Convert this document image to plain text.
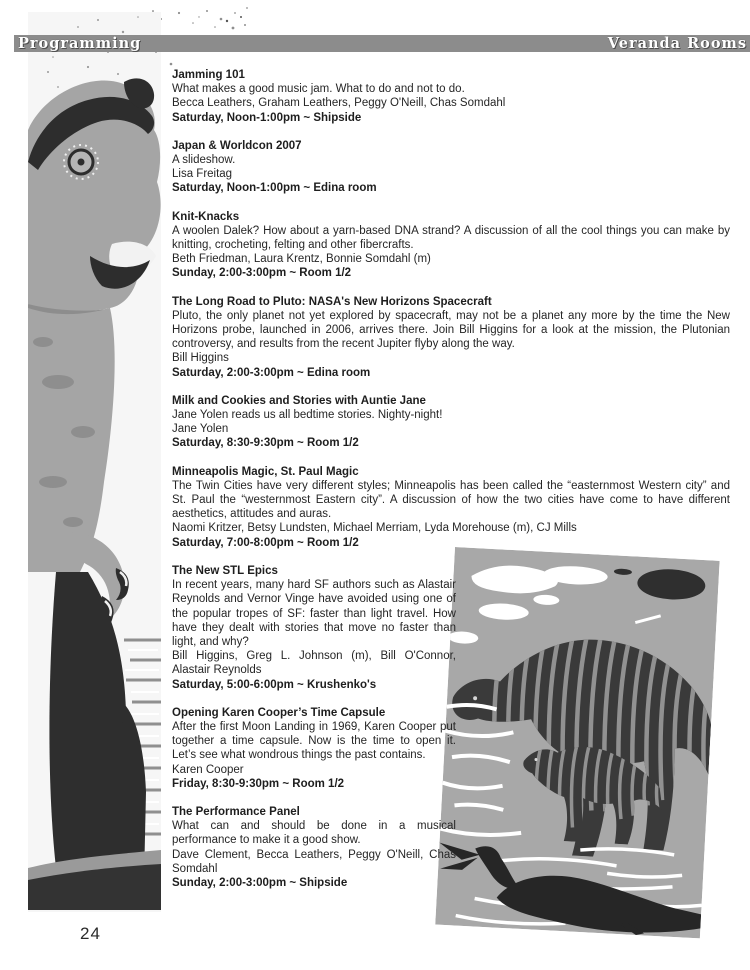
Programming	Veranda Rooms
Jamming 101

What makes a good music jam. What to do and not to do.

Becca Leathers, Graham Leathers, Peggy O'Neill, Chas Somdahl

Saturday, Noon-1:00pm ~ Shipside

Japan & Worldcon 2007

A slideshow.

Lisa Freitag

Saturday, Noon-1:00pm ~ Edina room

Knit-Knacks

A woolen Dalek? How about a yarn-based DNA strand? A discussion of all the cool things you can make by knitting, crocheting, felting and other fibercrafts.

Beth Friedman, Laura Krentz, Bonnie Somdahl (m)

Sunday, 2:00-3:00pm ~ Room 1/2

The Long Road to Pluto: NASA's New Horizons Spacecraft

Pluto, the only planet not yet explored by spacecraft, may not be a planet any more by the time the New Horizons probe, launched in 2006, arrives there. Join Bill Higgins for a look at the mission, the Plutonian controversy, and results from the recent Jupiter flyby along the way.

Bill Higgins

Saturday, 2:00-3:00pm ~ Edina room

Milk and Cookies and Stories with Auntie Jane

Jane Yolen reads us all bedtime stories. Nighty-night!

Jane Yolen

Saturday, 8:30-9:30pm ~ Room 1/2

Minneapolis Magic, St. Paul Magic

The Twin Cities have very different styles; Minneapolis has been called the “easternmost Western city” and St. Paul the “westernmost Eastern city”. A discussion of how the two cities have come to have different aesthetics, attitudes and auras.

Naomi Kritzer, Betsy Lundsten, Michael Merriam, Lyda Morehouse (m), CJ Mills

Saturday, 7:00-8:00pm ~ Room 1/2

The New STL Epics

In recent years, many hard SF authors such as Alastair Reynolds and Vernor Vinge have avoided using one of the popular tropes of SF: faster than light travel. How have they dealt with stories that move no faster than light, and why?

Bill Higgins, Greg L. Johnson (m), Bill O'Connor, Alastair Reynolds

Saturday, 5:00-6:00pm ~ Krushenko's

Opening Karen Cooper’s Time Capsule

After the first Moon Landing in 1969, Karen Cooper put together a time capsule. Now is the time to open it. Let’s see what wondrous things the past contains.

Karen Cooper

Friday, 8:30-9:30pm ~ Room 1/2

The Performance Panel

What can and should be done in a musical performance to make it a good show.

Dave Clement, Becca Leathers, Peggy O'Neill, Chas Somdahl

Sunday, 2:00-3:00pm ~ Shipside

24
